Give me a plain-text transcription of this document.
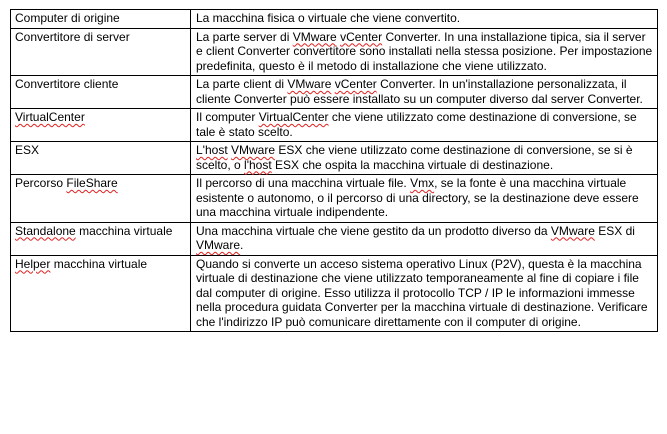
Computer di origine	La macchina fisica o virtuale che viene convertito.
Convertitore di server	La parte server di VMware vCenter Converter. In una installazione tipica, sia il server e client Converter convertitore sono installati nella stessa posizione. Per impostazione predefinita, questo è il metodo di installazione che viene utilizzato.
Convertitore cliente	La parte client di VMware vCenter Converter. In un'installazione personalizzata, il cliente Converter può essere installato su un computer diverso dal server Converter.
VirtualCenter	Il computer VirtualCenter che viene utilizzato come destinazione di conversione, se tale è stato scelto.
ESX	L'host VMware ESX che viene utilizzato come destinazione di conversione, se si è scelto, o l'host ESX che ospita la macchina virtuale di destinazione.
Percorso FileShare	Il percorso di una macchina virtuale file. Vmx, se la fonte è una macchina virtuale esistente o autonomo, o il percorso di una directory, se la destinazione deve essere una macchina virtuale indipendente.
Standalone macchina virtuale	Una macchina virtuale che viene gestito da un prodotto diverso da VMware ESX di VMware.
Helper macchina virtuale	Quando si converte un acceso sistema operativo Linux (P2V), questa è la macchina virtuale di destinazione che viene utilizzato temporaneamente al fine di copiare i file dal computer di origine. Esso utilizza il protocollo TCP / IP le informazioni immesse nella procedura guidata Converter per la macchina virtuale di destinazione. Verificare che l'indirizzo IP può comunicare direttamente con il computer di origine.
